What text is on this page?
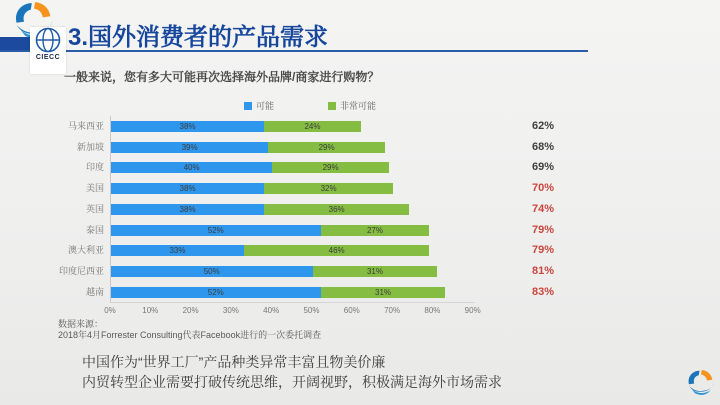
CIECC
3.国外消费者的产品需求
一般来说，您有多大可能再次选择海外品牌/商家进行购物？
可能	非常可能
马来西亚	38%	24%	62%
新加坡	39%	29%	68%
印度	40%	29%	69%
美国	38%	32%	70%
英国	38%	36%	74%
泰国	52%	27%	79%
澳大利亚	33%	46%	79%
印度尼西亚	50%	31%	81%
越南	52%	31%	83%
0%	10%	20%	30%	40%	50%	60%	70%	80%	90%
数据来源：
2018年4月Forrester Consulting代表Facebook进行的一次委托调查
中国作为“世界工厂”产品种类异常丰富且物美价廉
内贸转型企业需要打破传统思维，开阔视野，积极满足海外市场需求
